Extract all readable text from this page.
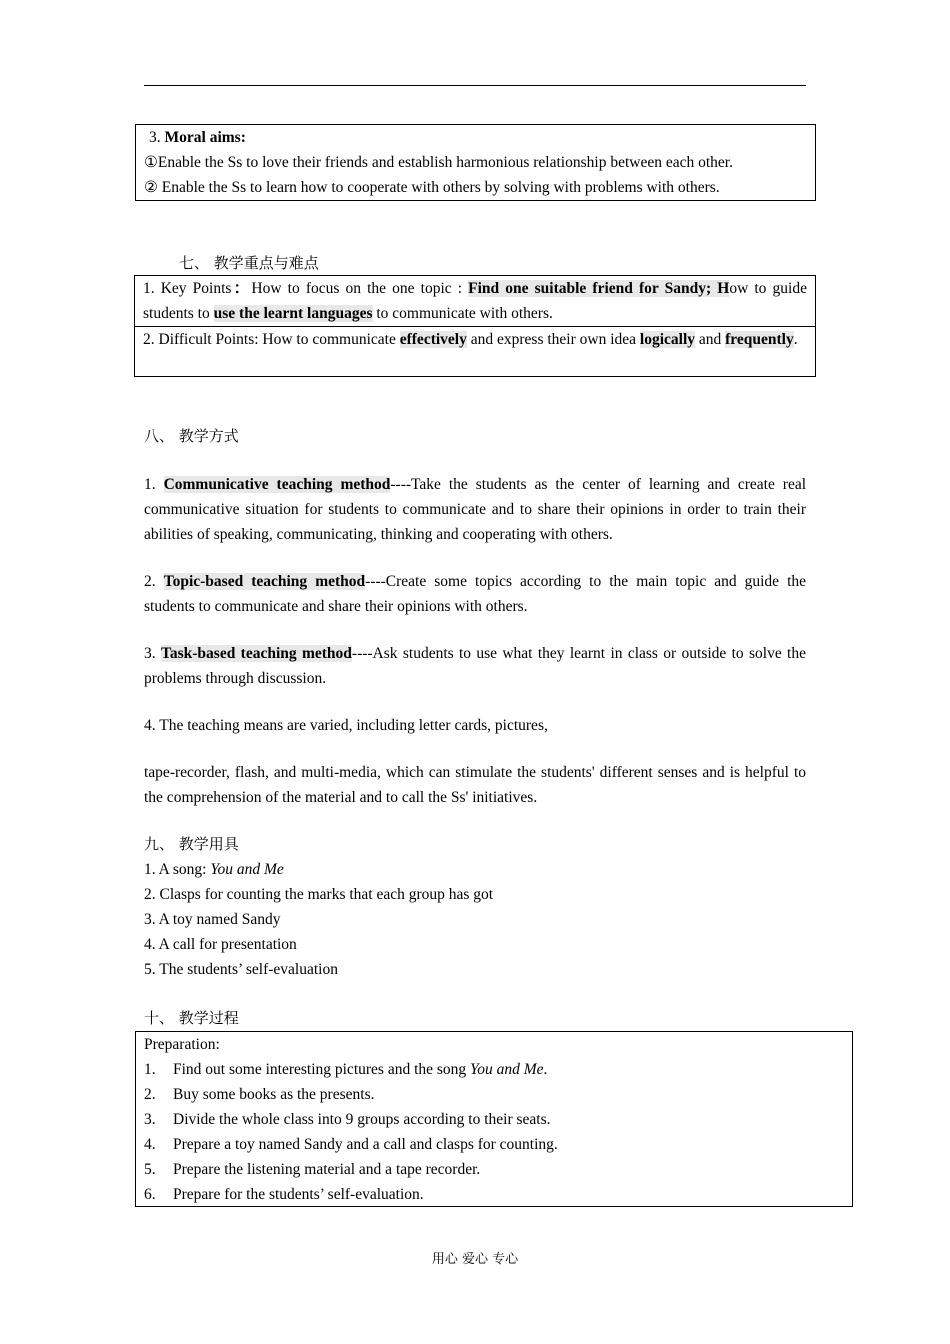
3. Moral aims:
①Enable the Ss to love their friends and establish harmonious relationship between each other.
② Enable the Ss to learn how to cooperate with others by solving with problems with others.
七、 教学重点与难点
1. Key Points：How to focus on the one topic : Find one suitable friend for Sandy; How to guide students to use the learnt languages to communicate with others.
2. Difficult Points: How to communicate effectively and express their own idea logically and frequently.
八、 教学方式
1. Communicative teaching method----Take the students as the center of learning and create real communicative situation for students to communicate and to share their opinions in order to train their abilities of speaking, communicating, thinking and cooperating with others.
2. Topic-based teaching method----Create some topics according to the main topic and guide the students to communicate and share their opinions with others.
3. Task-based teaching method----Ask students to use what they learnt in class or outside to solve the problems through discussion.
4. The teaching means are varied, including letter cards, pictures,
tape-recorder, flash, and multi-media, which can stimulate the students' different senses and is helpful to the comprehension of the material and to call the Ss' initiatives.
九、 教学用具
1. A song: You and Me
2. Clasps for counting the marks that each group has got
3. A toy named Sandy
4. A call for presentation
5. The students’ self-evaluation
十、 教学过程
Preparation:
1. Find out some interesting pictures and the song You and Me.
2. Buy some books as the presents.
3. Divide the whole class into 9 groups according to their seats.
4. Prepare a toy named Sandy and a call and clasps for counting.
5. Prepare the listening material and a tape recorder.
6. Prepare for the students’ self-evaluation.
用心 爱心 专心
